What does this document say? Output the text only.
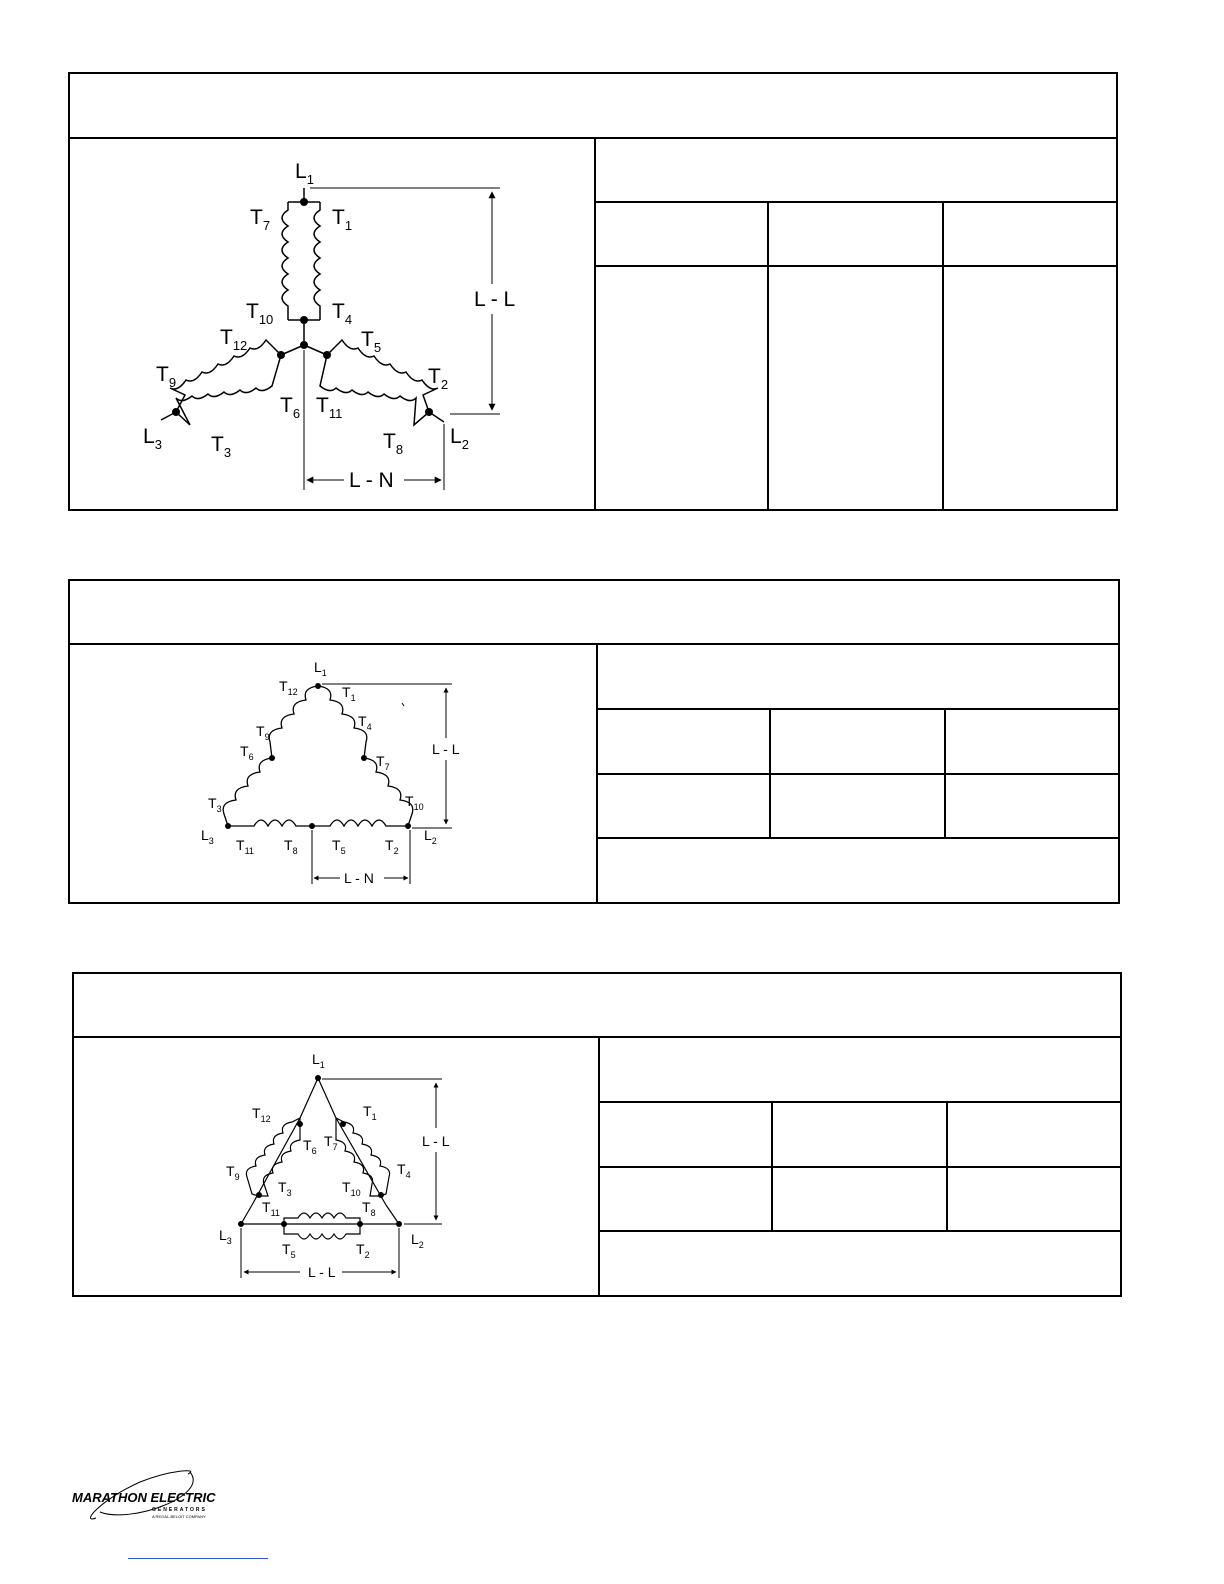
$L_1$
$T_7$	$T_1$
$T_{10}$	$T_4$
$T_{12}$	$T_5$
$T_9$	$T_2$
$T_6$ $T_{11}$
$L_3$ $T_3$	$T_8$
$L_2$
L - L
L - N
$L_1$
$T_{12}$	$T_1$
$T_9$
$T_4$
$T_6$	$T_7$
$T_3$	$T_{10}$
$L_3$ $T_{11}$ $T_8$ $T_5$	$T_2$
$L_2$
L - L
L - N
$L_1$
$T_{12}$	$T_1$
$T_6$
$T_7$
$T_9$	$T_4$
$T_3$	$T_{10}$
$T_{11}$	$T_8$
$L_3$	$T_5$	$T_2$
$L_2$
L - L
L - L
MARATHON ELECTRIC
GENERATORS
A REGAL-BELOIT COMPANY
